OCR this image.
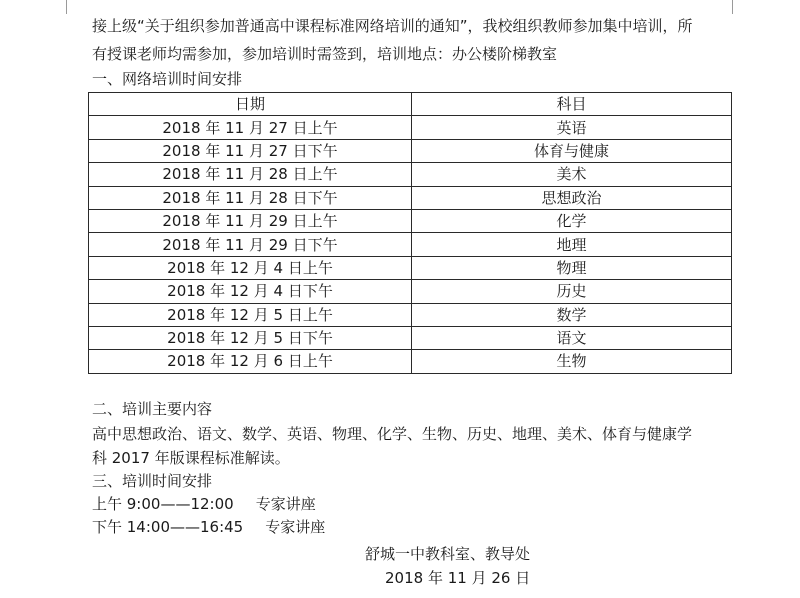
接上级“关于组织参加普通高中课程标准网络培训的通知”，我校组织教师参加集中培训，所
有授课老师均需参加，参加培训时需签到，培训地点：办公楼阶梯教室
一、网络培训时间安排
日期	科目
2018 年 11 月 27 日上午	英语
2018 年 11 月 27 日下午	体育与健康
2018 年 11 月 28 日上午	美术
2018 年 11 月 28 日下午	思想政治
2018 年 11 月 29 日上午	化学
2018 年 11 月 29 日下午	地理
2018 年 12 月 4 日上午	物理
2018 年 12 月 4 日下午	历史
2018 年 12 月 5 日上午	数学
2018 年 12 月 5 日下午	语文
2018 年 12 月 6 日上午	生物
二、培训主要内容
高中思想政治、语文、数学、英语、物理、化学、生物、历史、地理、美术、体育与健康学
科 2017 年版课程标准解读。
三、培训时间安排
上午 9:00——12:00 专家讲座
下午 14:00——16:45 专家讲座
舒城一中教科室、教导处
2018 年 11 月 26 日
